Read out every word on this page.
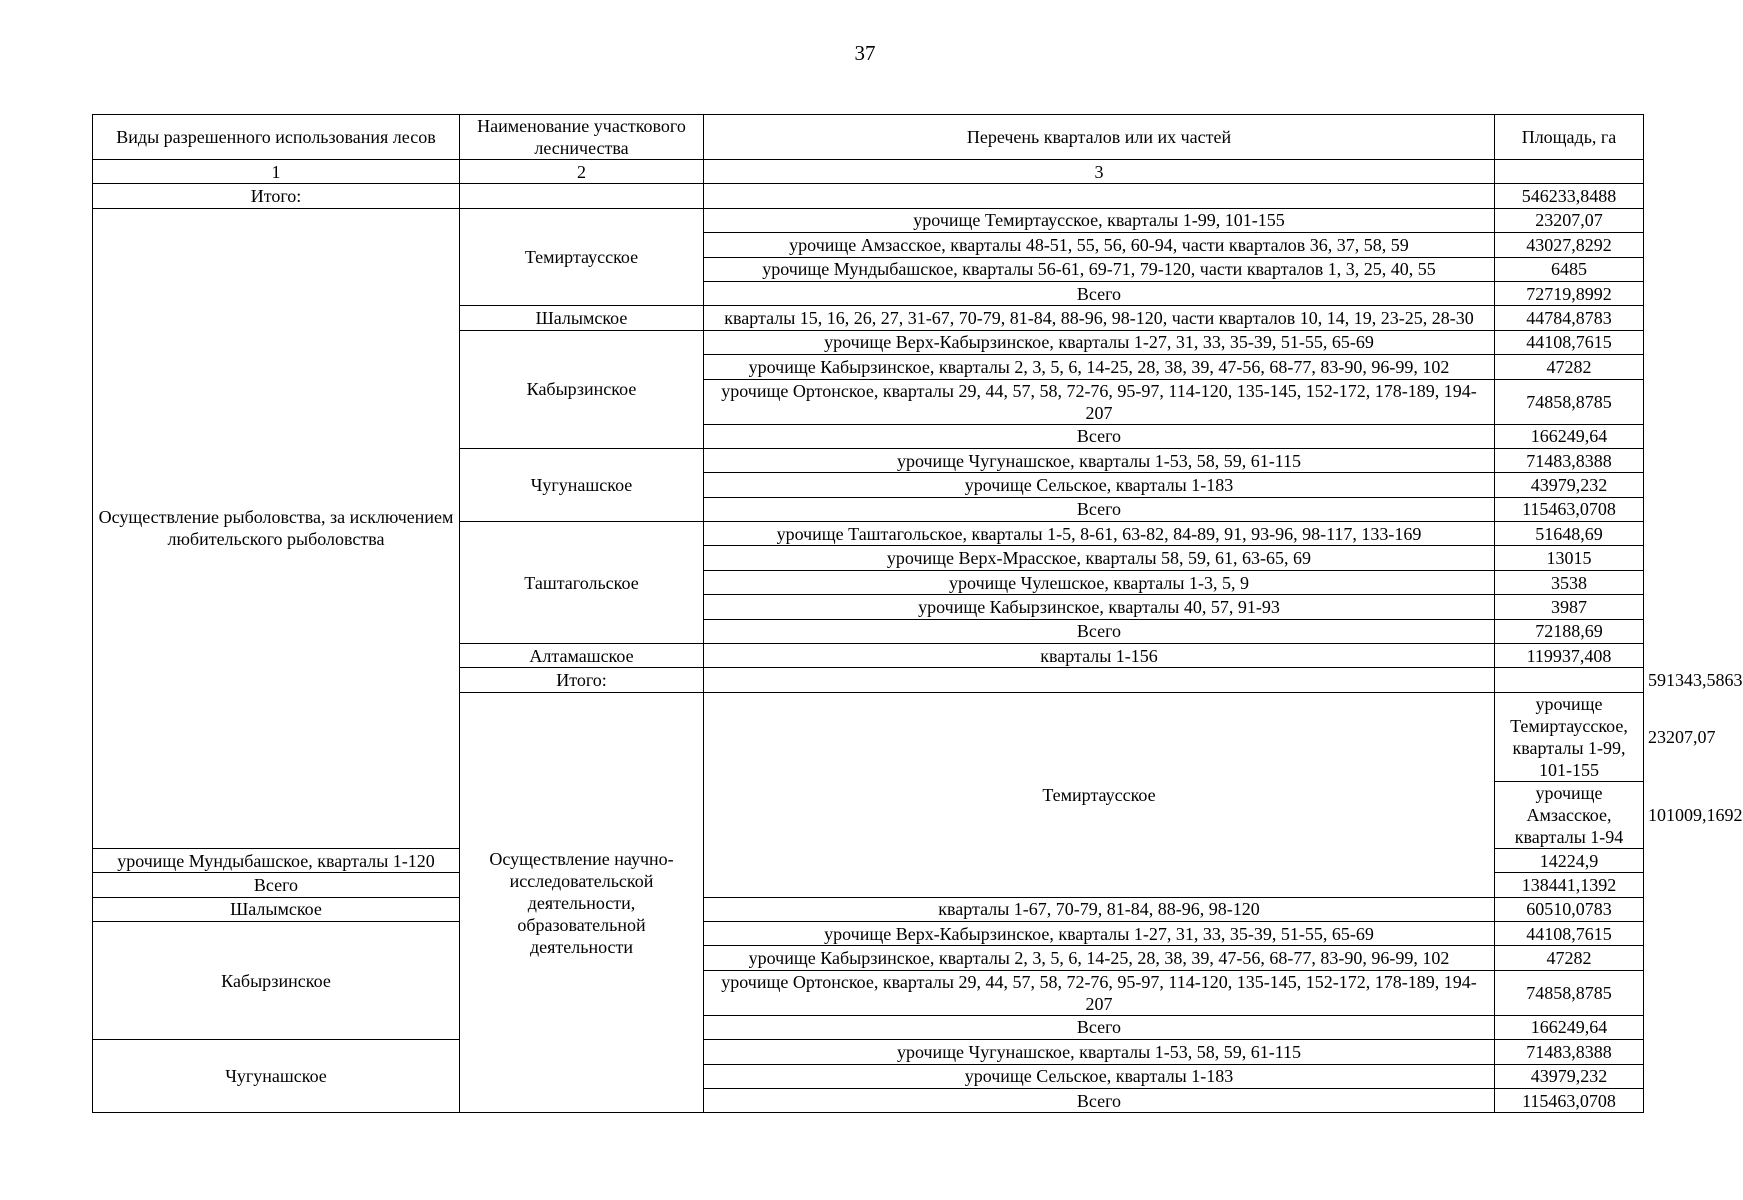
37
Виды разрешенного использования лесов	Наименование участкового лесничества	Перечень кварталов или их частей	Площадь, га	
1	2	3		
Итого:			546233,8488	
Осуществление рыболовства, за исключением любительского рыболовства	Темиртаусское	урочище Темиртаусское, кварталы 1-99, 101-155	23207,07	
		урочище Амзасское, кварталы 48-51, 55, 56, 60-94, части кварталов 36, 37, 58, 59	43027,8292	
		урочище Мундыбашское, кварталы 56-61, 69-71, 79-120, части кварталов 1, 3, 25, 40, 55	6485	
		Всего	72719,8992	
	Шалымское	кварталы 15, 16, 26, 27, 31-67, 70-79, 81-84, 88-96, 98-120, части кварталов 10, 14, 19, 23-25, 28-30	44784,8783	
	Кабырзинское	урочище Верх-Кабырзинское, кварталы 1-27, 31, 33, 35-39, 51-55, 65-69	44108,7615	
		урочище Кабырзинское, кварталы 2, 3, 5, 6, 14-25, 28, 38, 39, 47-56, 68-77, 83-90, 96-99, 102	47282	
		урочище Ортонское, кварталы 29, 44, 57, 58, 72-76, 95-97, 114-120, 135-145, 152-172, 178-189, 194-207	74858,8785	
		Всего	166249,64	
	Чугунашское	урочище Чугунашское, кварталы 1-53, 58, 59, 61-115	71483,8388	
		урочище Сельское, кварталы 1-183	43979,232	
		Всего	115463,0708	
	Таштагольское	урочище Таштагольское, кварталы 1-5, 8-61, 63-82, 84-89, 91, 93-96, 98-117, 133-169	51648,69	
		урочище Верх-Мрасское, кварталы 58, 59, 61, 63-65, 69	13015	
		урочище Чулешское, кварталы 1-3, 5, 9	3538	
		урочище Кабырзинское, кварталы 40, 57, 91-93	3987	
		Всего	72188,69	
	Алтамашское	кварталы 1-156	119937,408	
	Итого:			591343,5863
	Осуществление научно-исследовательской деятельности, образовательной деятельности	Темиртаусское	урочище Темиртаусское, кварталы 1-99, 101-155	23207,07
			урочище Амзасское, кварталы 1-94	101009,1692
урочище Мундыбашское, кварталы 1-120			14224,9	
Всего			138441,1392	
Шалымское		кварталы 1-67, 70-79, 81-84, 88-96, 98-120	60510,0783	
Кабырзинское		урочище Верх-Кабырзинское, кварталы 1-27, 31, 33, 35-39, 51-55, 65-69	44108,7615	
		урочище Кабырзинское, кварталы 2, 3, 5, 6, 14-25, 28, 38, 39, 47-56, 68-77, 83-90, 96-99, 102	47282	
		урочище Ортонское, кварталы 29, 44, 57, 58, 72-76, 95-97, 114-120, 135-145, 152-172, 178-189, 194-207	74858,8785	
		Всего	166249,64	
Чугунашское		урочище Чугунашское, кварталы 1-53, 58, 59, 61-115	71483,8388	
		урочище Сельское, кварталы 1-183	43979,232	
		Всего	115463,0708	
